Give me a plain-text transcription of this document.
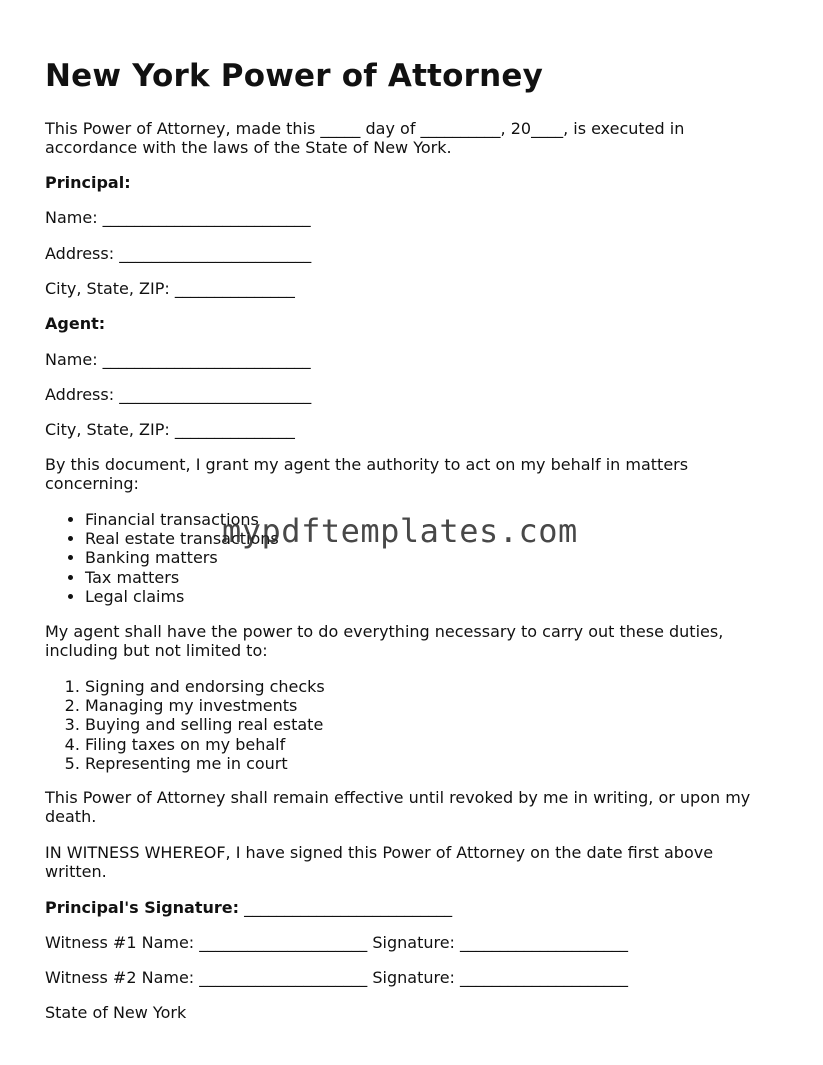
New York Power of Attorney
This Power of Attorney, made this _____ day of __________, 20____, is executed in accordance with the laws of the State of New York.
Principal:
Name: __________________________
Address: ________________________
City, State, ZIP: _______________
Agent:
Name: __________________________
Address: ________________________
City, State, ZIP: _______________
By this document, I grant my agent the authority to act on my behalf in matters concerning:
• Financial transactions
• Real estate transactions
• Banking matters
• Tax matters
• Legal claims
My agent shall have the power to do everything necessary to carry out these duties, including but not limited to:
1. Signing and endorsing checks
2. Managing my investments
3. Buying and selling real estate
4. Filing taxes on my behalf
5. Representing me in court
This Power of Attorney shall remain effective until revoked by me in writing, or upon my death.
IN WITNESS WHEREOF, I have signed this Power of Attorney on the date first above written.
Principal's Signature: __________________________
Witness #1 Name: _____________________ Signature: _____________________
Witness #2 Name: _____________________ Signature: _____________________
State of New York
mypdftemplates.com
